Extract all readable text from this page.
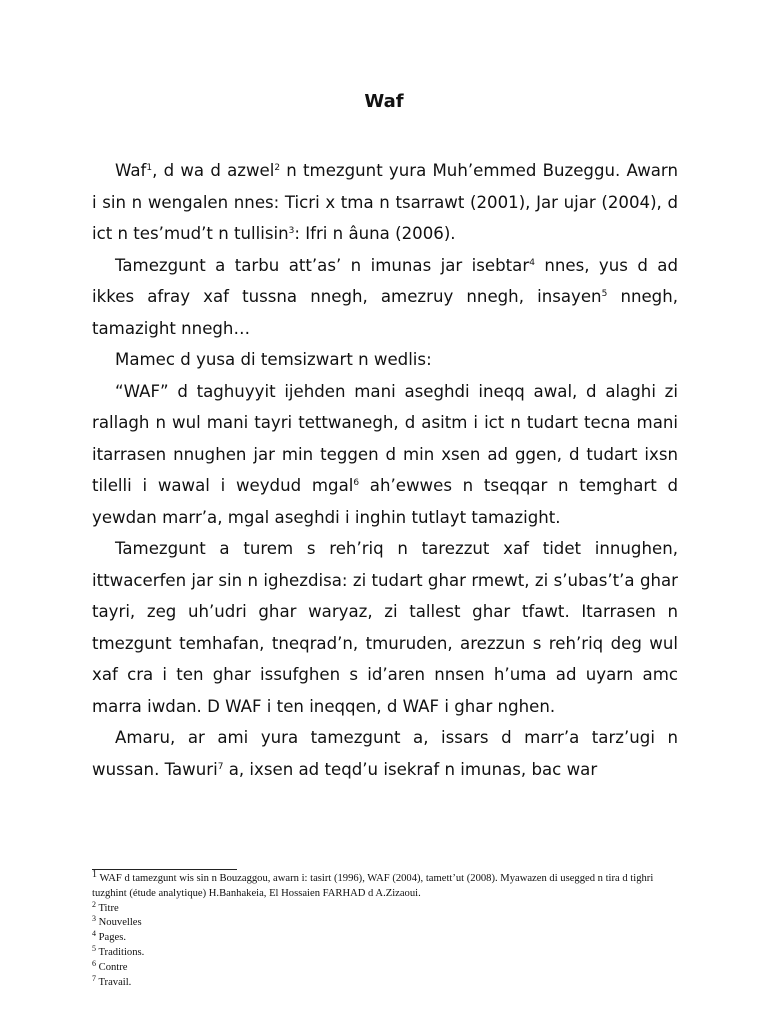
Waf

Waf$^1$, d wa d azwel$^2$ n tmezgunt yura Muh’emmed Buzeggu. Awarn i sin n wengalen nnes: Ticri x tma n tsarrawt (2001), Jar ujar (2004), d ict n tes’mud’t n tullisin$^3$: Ifri n âuna (2006).

Tamezgunt a tarbu att’as’ n imunas jar isebtar$^4$ nnes, yus d ad ikkes afray xaf tussna nnegh, amezruy nnegh, insayen$^5$ nnegh, tamazight nnegh…

Mamec d yusa di temsizwart n wedlis:

“WAF” d taghuyyit ijehden mani aseghdi ineqq awal, d alaghi zi rallagh n wul mani tayri tettwanegh, d asitm i ict n tudart tecna mani itarrasen nnughen jar min teggen d min xsen ad ggen, d tudart ixsn tilelli i wawal i weydud mgal$^6$ ah’ewwes n tseqqar n temghart d yewdan marr’a, mgal aseghdi i inghin tutlayt tamazight.

Tamezgunt a turem s reh’riq n tarezzut xaf tidet innughen, ittwacerfen jar sin n ighezdisa: zi tudart ghar rmewt, zi s’ubas’t’a ghar tayri, zeg uh’udri ghar waryaz, zi tallest ghar tfawt. Itarrasen n tmezgunt temhafan, tneqrad’n, tmuruden, arezzun s reh’riq deg wul xaf cra i ten ghar issufghen s id’aren nnsen h’uma ad uyarn amc marra iwdan. D WAF i ten ineqqen, d WAF i ghar nghen.

Amaru, ar ami yura tamezgunt a, issars d marr’a tarz’ugi n wussan. Tawuri$^7$ a, ixsen ad teqd’u isekraf n imunas, bac war

$^1$ WAF d tamezgunt wis sin n Bouzaggou, awarn i: tasirt (1996), WAF (2004), tamett’ut (2008). Myawazen di usegged n tira d tighri tuzghint (étude analytique) H.Banhakeia, El Hossaien FARHAD d A.Zizaoui.
$^2$ Titre
$^3$ Nouvelles
$^4$ Pages.
$^5$ Traditions.
$^6$ Contre
$^7$ Travail.
